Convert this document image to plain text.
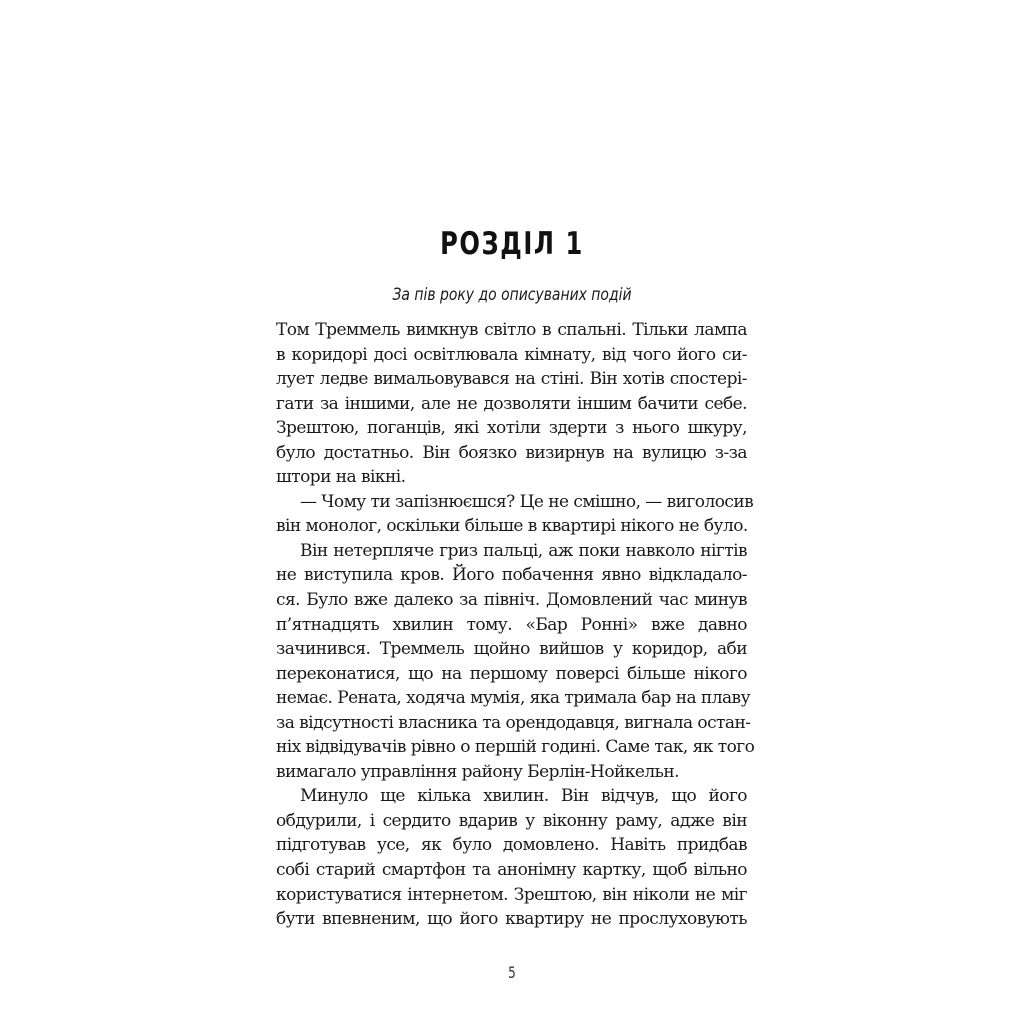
РОЗДІЛ 1
За пів року до описуваних подій
Том Треммель вимкнув світло в спальні. Тільки лампа
в коридорі досі освітлювала кімнату, від чого його си-
лует ледве вимальовувався на стіні. Він хотів спостері-
гати за іншими, але не дозволяти іншим бачити себе.
Зрештою, поганців, які хотіли здерти з нього шкуру,
було достатньо. Він боязко визирнув на вулицю з-за
штори на вікні.
— Чому ти запізнюєшся? Це не смішно, — виголосив
він монолог, оскільки більше в квартирі нікого не було.
Він нетерпляче гриз пальці, аж поки навколо нігтів
не виступила кров. Його побачення явно відкладало-
ся. Було вже далеко за північ. Домовлений час минув
п’ятнадцять хвилин тому. «Бар Ронні» вже давно
зачинився. Треммель щойно вийшов у коридор, аби
переконатися, що на першому поверсі більше нікого
немає. Рената, ходяча мумія, яка тримала бар на плаву
за відсутності власника та орендодавця, вигнала остан-
ніх відвідувачів рівно о першій годині. Саме так, як того
вимагало управління району Берлін-Нойкельн.
Минуло ще кілька хвилин. Він відчув, що його
обдурили, і сердито вдарив у віконну раму, адже він
підготував усе, як було домовлено. Навіть придбав
собі старий смартфон та анонімну картку, щоб вільно
користуватися інтернетом. Зрештою, він ніколи не міг
бути впевненим, що його квартиру не прослуховують
5
